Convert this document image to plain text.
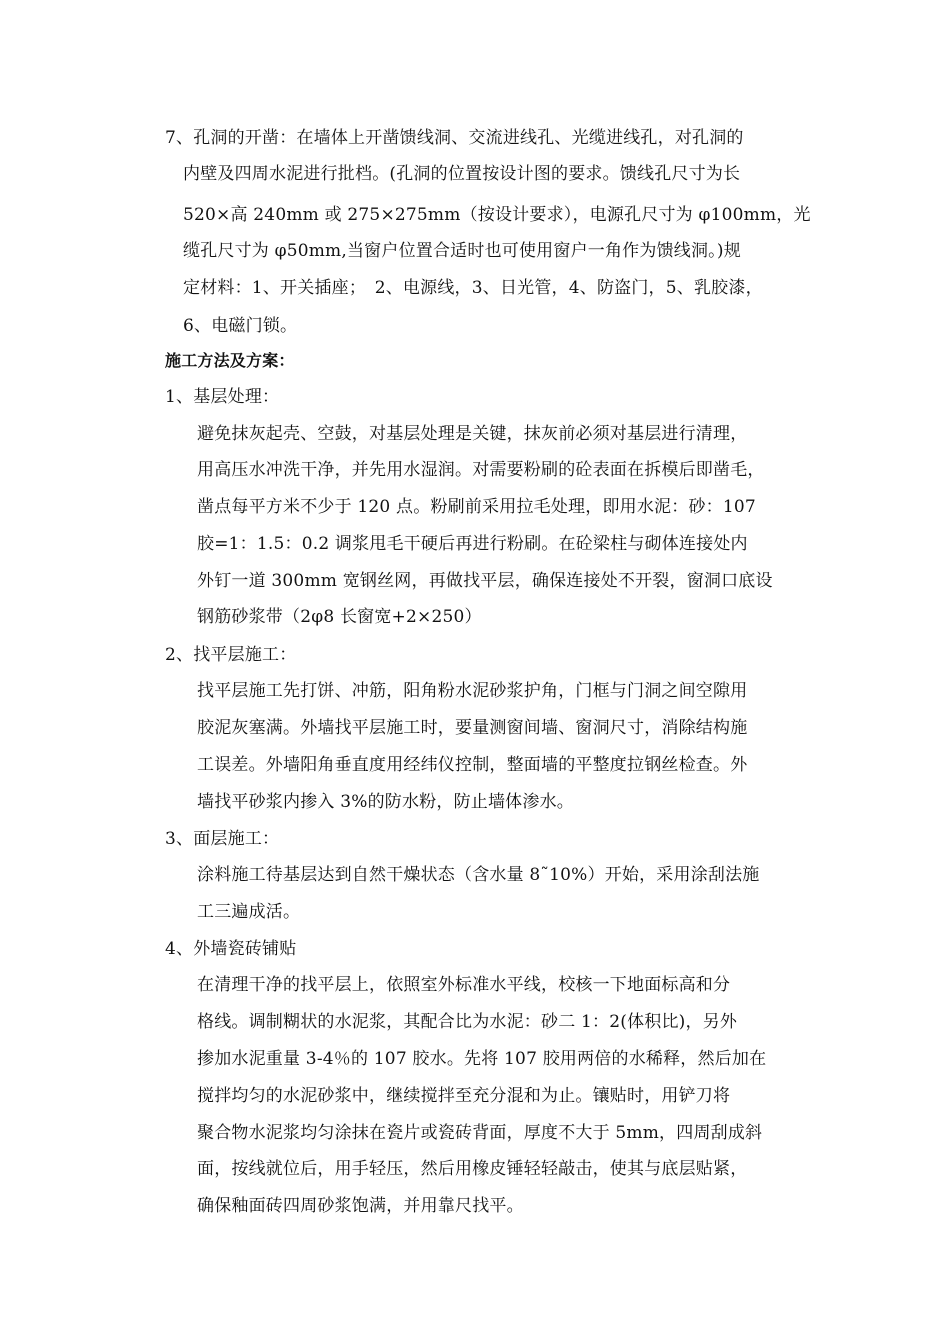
7、孔洞的开凿：在墙体上开凿馈线洞、交流进线孔、光缆进线孔，对孔洞的
内壁及四周水泥进行批档。(孔洞的位置按设计图的要求。馈线孔尺寸为长
520×高 240mm 或 275×275mm（按设计要求），电源孔尺寸为 φ100mm，光
缆孔尺寸为 φ50mm,当窗户位置合适时也可使用窗户一角作为馈线洞。)规
定材料：1、开关插座；　2、电源线，3、日光管，4、防盗门，5、乳胶漆，
6、电磁门锁。
施工方法及方案：
1、基层处理：
避免抹灰起壳、空鼓，对基层处理是关键，抹灰前必须对基层进行清理，
用高压水冲洗干净，并先用水湿润。对需要粉刷的砼表面在拆模后即凿毛，
凿点每平方米不少于 120 点。粉刷前采用拉毛处理，即用水泥：砂：107
胶=1：1.5：0.2 调浆甩毛干硬后再进行粉刷。在砼梁柱与砌体连接处内
外钉一道 300mm 宽钢丝网，再做找平层，确保连接处不开裂，窗洞口底设
钢筋砂浆带（2φ8 长窗宽+2×250）
2、找平层施工：
找平层施工先打饼、冲筋，阳角粉水泥砂浆护角，门框与门洞之间空隙用
胶泥灰塞满。外墙找平层施工时，要量测窗间墙、窗洞尺寸，消除结构施
工误差。外墙阳角垂直度用经纬仪控制，整面墙的平整度拉钢丝检查。外
墙找平砂浆内掺入 3%的防水粉，防止墙体渗水。
3、面层施工：
涂料施工待基层达到自然干燥状态（含水量 8˜10%）开始，采用涂刮法施
工三遍成活。
4、外墙瓷砖铺贴
在清理干净的找平层上，依照室外标准水平线，校核一下地面标高和分
格线。调制糊状的水泥浆，其配合比为水泥：砂二 1：2(体积比)，另外
掺加水泥重量 3-4％的 107 胶水。先将 107 胶用两倍的水稀释，然后加在
搅拌均匀的水泥砂浆中，继续搅拌至充分混和为止。镶贴时，用铲刀将
聚合物水泥浆均匀涂抹在瓷片或瓷砖背面，厚度不大于 5mm，四周刮成斜
面，按线就位后，用手轻压，然后用橡皮锤轻轻敲击，使其与底层贴紧，
确保釉面砖四周砂浆饱满，并用靠尺找平。
